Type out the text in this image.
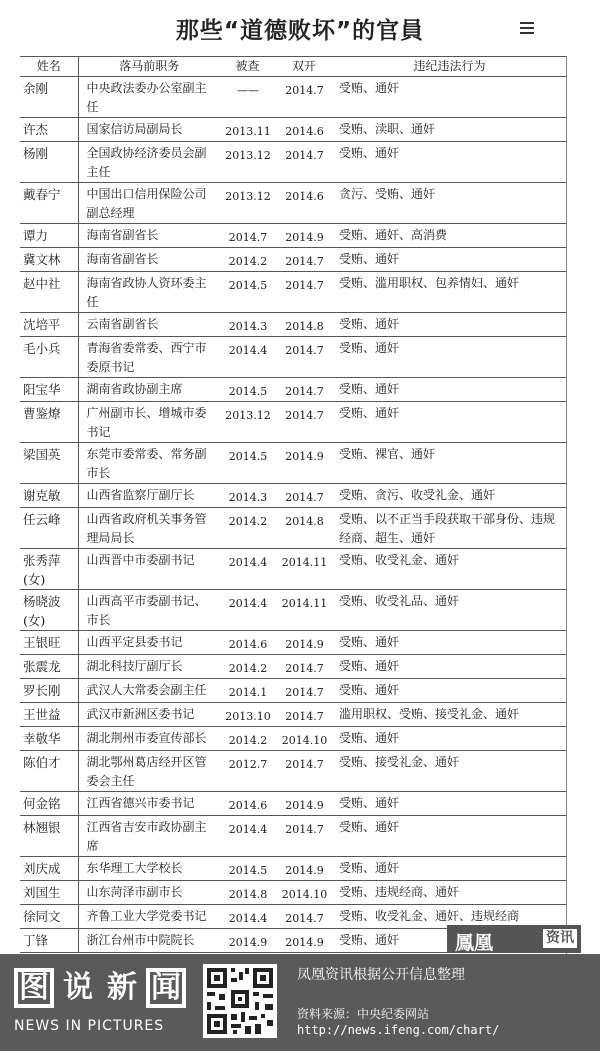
那些“道德败坏”的官員
姓名	落马前职务	被查	双开	违纪违法行为
余刚	中央政法委办公室副主任	——	2014.7	受贿、通奸
许杰	国家信访局副局长	2013.11	2014.6	受贿、渎职、通奸
杨刚	全国政协经济委员会副主任	2013.12	2014.7	受贿、通奸
戴春宁	中国出口信用保险公司副总经理	2013.12	2014.6	贪污、受贿、通奸
谭力	海南省副省长	2014.7	2014.9	受贿、通奸、高消费
冀文林	海南省副省长	2014.2	2014.7	受贿、通奸
赵中社	海南省政协人资环委主任	2014.5	2014.7	受贿、滥用职权、包养情妇、通奸
沈培平	云南省副省长	2014.3	2014.8	受贿、通奸
毛小兵	青海省委常委、西宁市委原书记	2014.4	2014.7	受贿、通奸
阳宝华	湖南省政协副主席	2014.5	2014.7	受贿、通奸
曹鉴燎	广州副市长、增城市委书记	2013.12	2014.7	受贿、通奸
梁国英	东莞市委常委、常务副市长	2014.5	2014.9	受贿、裸官、通奸
谢克敏	山西省监察厅副厅长	2014.3	2014.7	受贿、贪污、收受礼金、通奸
任云峰	山西省政府机关事务管理局局长	2014.2	2014.8	受贿、以不正当手段获取干部身份、违规经商、超生、通奸
张秀萍(女)	山西晋中市委副书记	2014.4	2014.11	受贿、收受礼金、通奸
杨晓波(女)	山西高平市委副书记、市长	2014.4	2014.11	受贿、收受礼品、通奸
王银旺	山西平定县委书记	2014.6	2014.9	受贿、通奸
张震龙	湖北科技厅副厅长	2014.2	2014.7	受贿、通奸
罗长刚	武汉人大常委会副主任	2014.1	2014.7	受贿、通奸
王世益	武汉市新洲区委书记	2013.10	2014.7	滥用职权、受贿、接受礼金、通奸
幸敬华	湖北荆州市委宣传部长	2014.2	2014.10	受贿、通奸
陈伯才	湖北鄂州葛店经开区管委会主任	2012.7	2014.7	受贿、接受礼金、通奸
何金铭	江西省德兴市委书记	2014.6	2014.9	受贿、通奸
林翘银	江西省吉安市政协副主席	2014.4	2014.7	受贿、通奸
刘庆成	东华理工大学校长	2014.5	2014.9	受贿、通奸
刘国生	山东菏泽市副市长	2014.8	2014.10	受贿、违规经商、通奸
徐同文	齐鲁工业大学党委书记	2014.4	2014.7	受贿、收受礼金、通奸、违规经商
丁锋	浙江台州市中院院长	2014.9	2014.9	受贿、通奸	鳳凰	资讯
图 说 新 闻
NEWS IN PICTURES
凤凰资讯根据公开信息整理
资料来源：中央纪委网站
http://news.ifeng.com/chart/
